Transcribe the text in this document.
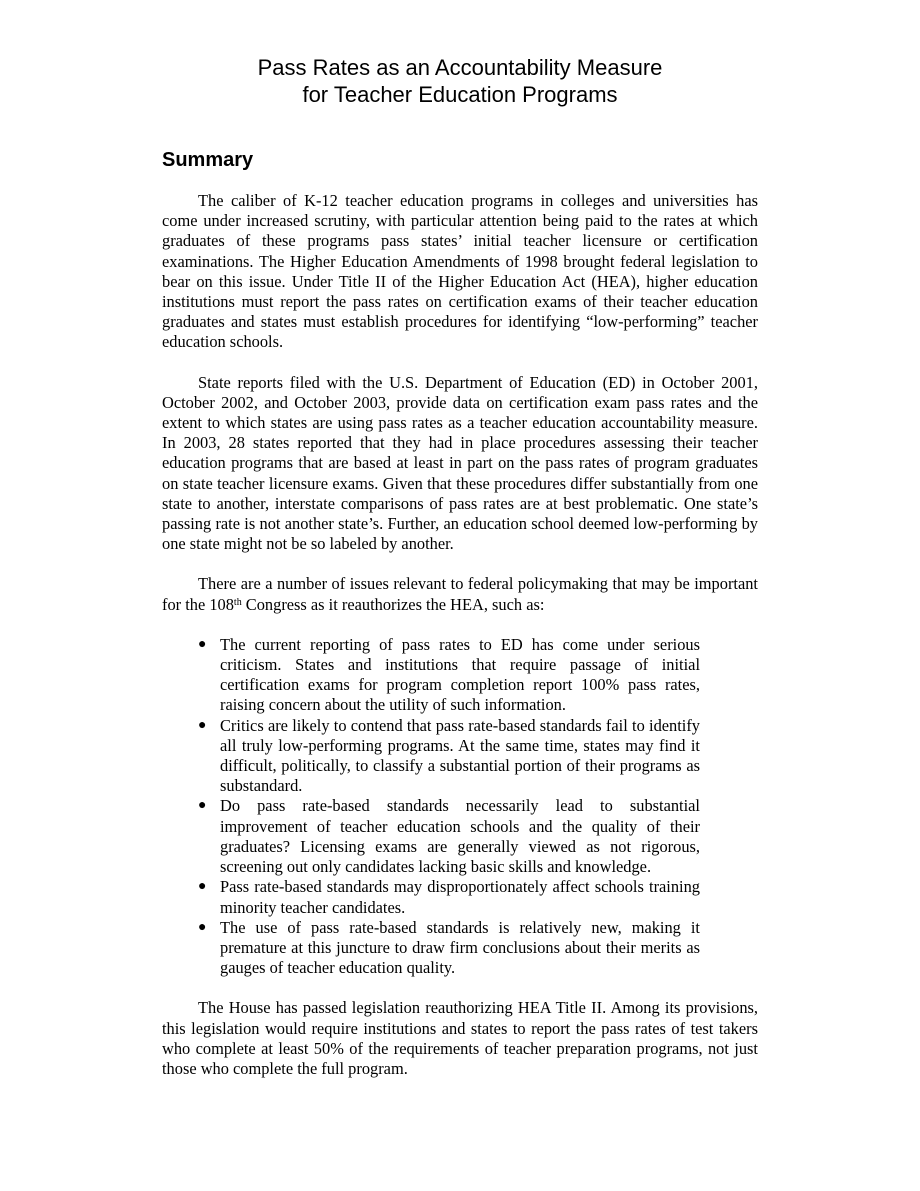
Pass Rates as an Accountability Measure
for Teacher Education Programs
Summary

The caliber of K-12 teacher education programs in colleges and universities has come under increased scrutiny, with particular attention being paid to the rates at which graduates of these programs pass states’ initial teacher licensure or certification examinations. The Higher Education Amendments of 1998 brought federal legislation to bear on this issue. Under Title II of the Higher Education Act (HEA), higher education institutions must report the pass rates on certification exams of their teacher education graduates and states must establish procedures for identifying “low-performing” teacher education schools.

State reports filed with the U.S. Department of Education (ED) in October 2001, October 2002, and October 2003, provide data on certification exam pass rates and the extent to which states are using pass rates as a teacher education accountability measure. In 2003, 28 states reported that they had in place procedures assessing their teacher education programs that are based at least in part on the pass rates of program graduates on state teacher licensure exams. Given that these procedures differ substantially from one state to another, interstate comparisons of pass rates are at best problematic. One state’s passing rate is not another state’s. Further, an education school deemed low-performing by one state might not be so labeled by another.

There are a number of issues relevant to federal policymaking that may be important for the 108th Congress as it reauthorizes the HEA, such as:

● The current reporting of pass rates to ED has come under serious criticism. States and institutions that require passage of initial certification exams for program completion report 100% pass rates, raising concern about the utility of such information.
● Critics are likely to contend that pass rate-based standards fail to identify all truly low-performing programs. At the same time, states may find it difficult, politically, to classify a substantial portion of their programs as substandard.
● Do pass rate-based standards necessarily lead to substantial improvement of teacher education schools and the quality of their graduates? Licensing exams are generally viewed as not rigorous, screening out only candidates lacking basic skills and knowledge.
● Pass rate-based standards may disproportionately affect schools training minority teacher candidates.
● The use of pass rate-based standards is relatively new, making it premature at this juncture to draw firm conclusions about their merits as gauges of teacher education quality.

The House has passed legislation reauthorizing HEA Title II. Among its provisions, this legislation would require institutions and states to report the pass rates of test takers who complete at least 50% of the requirements of teacher preparation programs, not just those who complete the full program.
